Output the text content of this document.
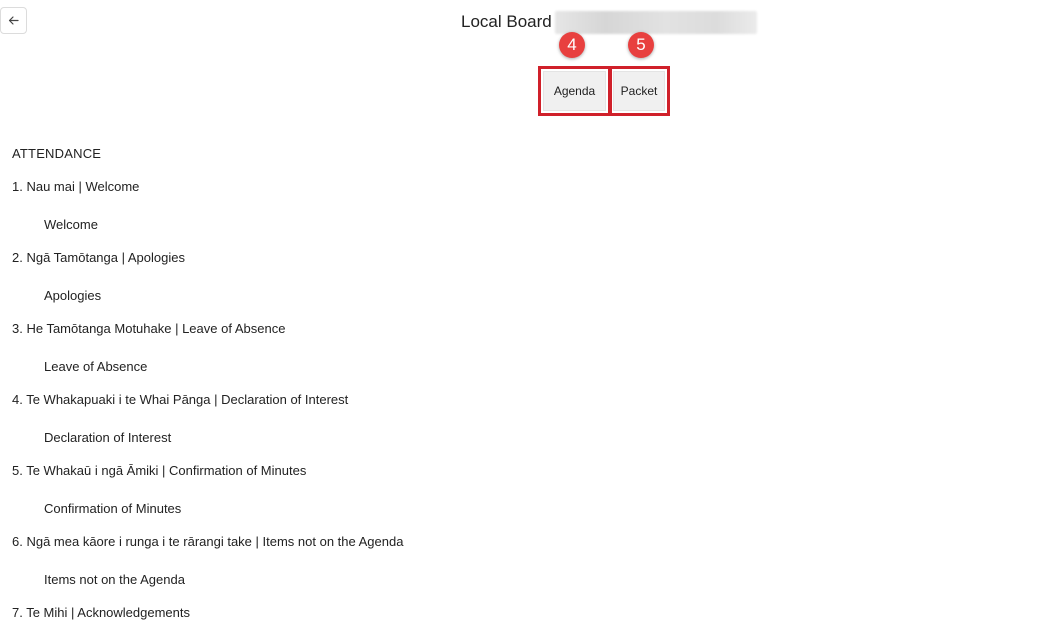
Local Board
4	5
Agenda	Packet

ATTENDANCE

1. Nau mai | Welcome

Welcome

2. Ngā Tamōtanga | Apologies

Apologies

3. He Tamōtanga Motuhake | Leave of Absence

Leave of Absence

4. Te Whakapuaki i te Whai Pānga | Declaration of Interest

Declaration of Interest

5. Te Whakaū i ngā Āmiki | Confirmation of Minutes

Confirmation of Minutes

6. Ngā mea kāore i runga i te rārangi take | Items not on the Agenda

Items not on the Agenda

7. Te Mihi | Acknowledgements
